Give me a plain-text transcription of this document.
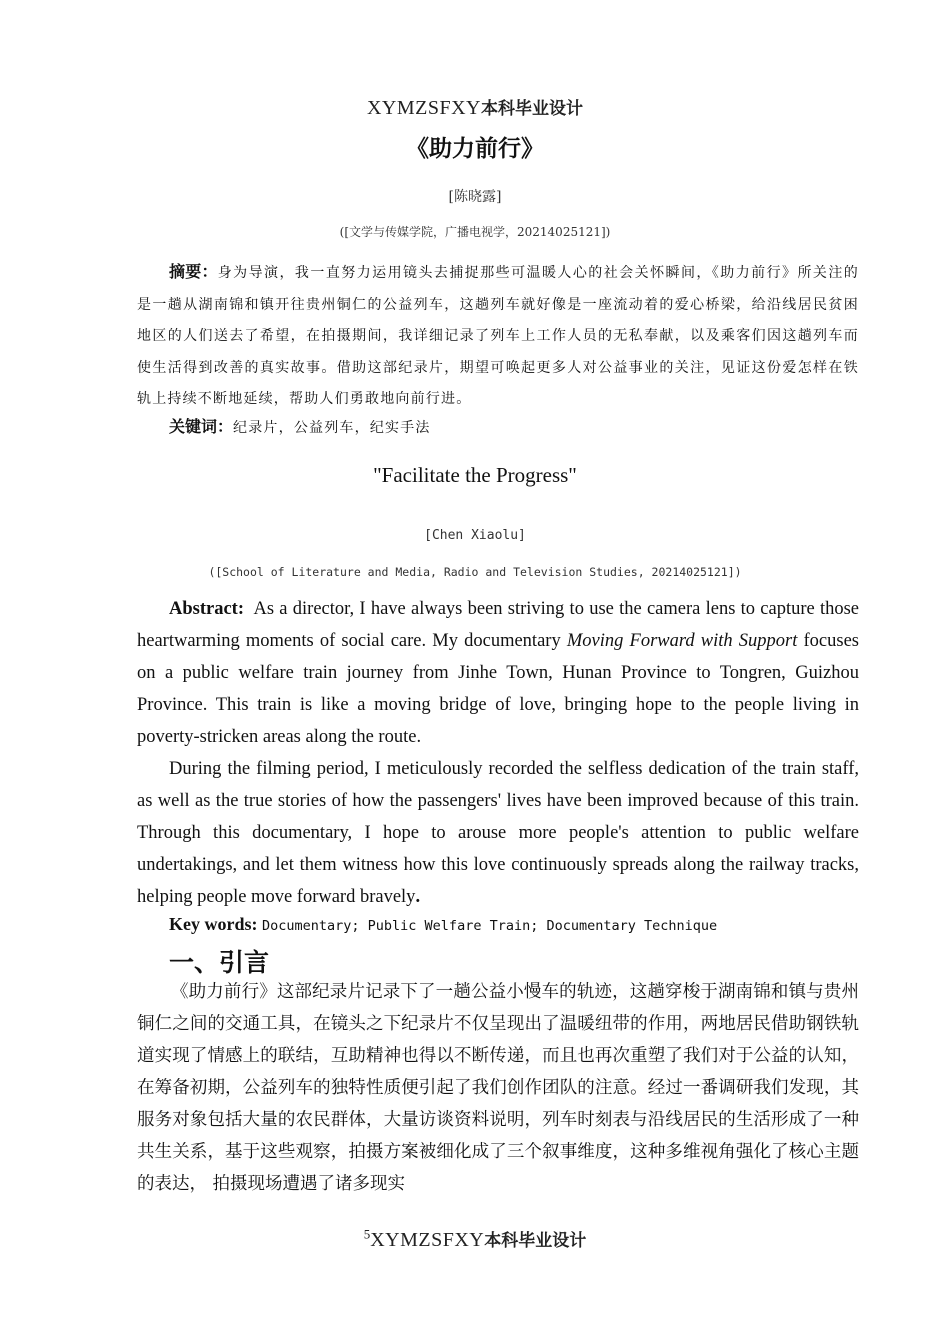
XYMZSFXY本科毕业设计
《助力前行》
[陈晓露]
([文学与传媒学院，广播电视学，20214025121])

摘要：身为导演，我一直努力运用镜头去捕捉那些可温暖人心的社会关怀瞬间，《助力前行》所关注的是一趟从湖南锦和镇开往贵州铜仁的公益列车，这趟列车就好像是一座流动着的爱心桥梁，给沿线居民贫困地区的人们送去了希望，在拍摄期间，我详细记录了列车上工作人员的无私奉献，以及乘客们因这趟列车而使生活得到改善的真实故事。借助这部纪录片，期望可唤起更多人对公益事业的关注，见证这份爱怎样在铁轨上持续不断地延续，帮助人们勇敢地向前行进。

关键词：纪录片，公益列车，纪实手法
"Facilitate the Progress"
[Chen Xiaolu]
([School of Literature and Media, Radio and Television Studies, 20214025121])

Abstract: As a director, I have always been striving to use the camera lens to capture those heartwarming moments of social care. My documentary Moving Forward with Support focuses on a public welfare train journey from Jinhe Town, Hunan Province to Tongren, Guizhou Province. This train is like a moving bridge of love, bringing hope to the people living in poverty-stricken areas along the route.

During the filming period, I meticulously recorded the selfless dedication of the train staff, as well as the true stories of how the passengers' lives have been improved because of this train. Through this documentary, I hope to arouse more people's attention to public welfare undertakings, and let them witness how this love continuously spreads along the railway tracks, helping people move forward bravely.

Key words: Documentary; Public Welfare Train; Documentary Technique
一、引言

《助力前行》这部纪录片记录下了一趟公益小慢车的轨迹，这趟穿梭于湖南锦和镇与贵州铜仁之间的交通工具，在镜头之下纪录片不仅呈现出了温暖纽带的作用，两地居民借助钢铁轨道实现了情感上的联结，互助精神也得以不断传递，而且也再次重塑了我们对于公益的认知， 在筹备初期，公益列车的独特性质便引起了我们创作团队的注意。经过一番调研我们发现，其服务对象包括大量的农民群体，大量访谈资料说明，列车时刻表与沿线居民的生活形成了一种共生关系，基于这些观察，拍摄方案被细化成了三个叙事维度，这种多维视角强化了核心主题的表达， 拍摄现场遭遇了诸多现实

$^5$XYMZSFXY本科毕业设计
